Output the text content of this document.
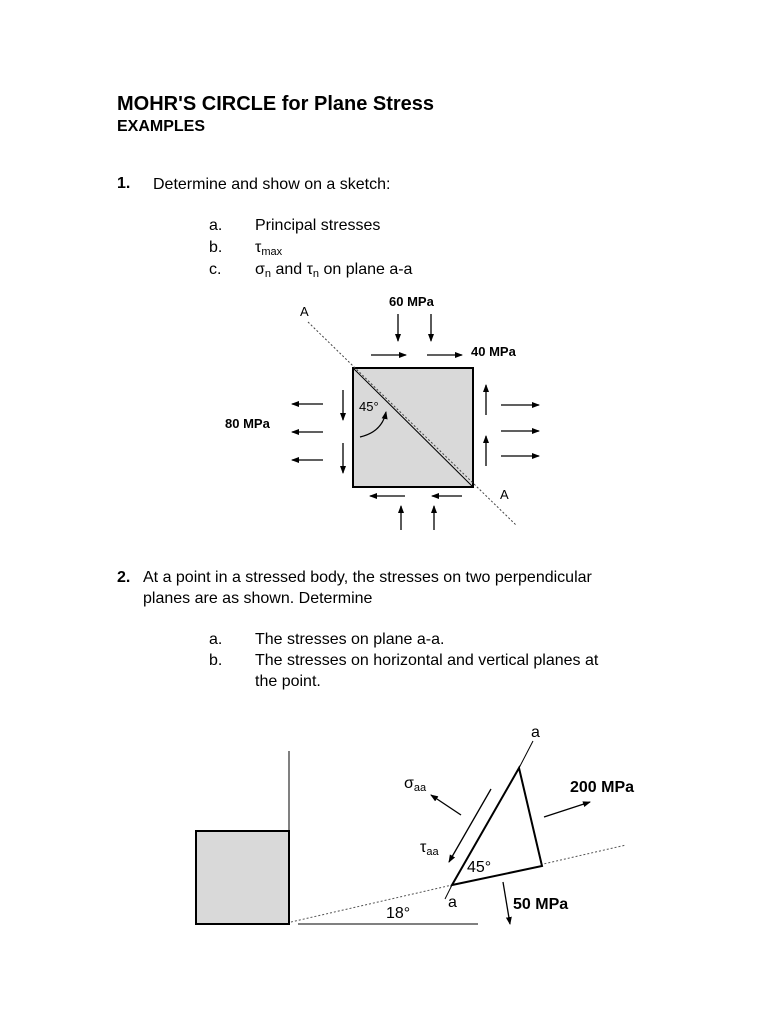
MOHR'S CIRCLE for Plane Stress
EXAMPLES
1. Determine and show on a sketch:
a. Principal stresses
b. τmax
c. σn and τn on plane a-a
60 MPa
40 MPa
80 MPa
A
A
45°
2. At a point in a stressed body, the stresses on two perpendicular
planes are as shown. Determine
a. The stresses on plane a-a.
b. The stresses on horizontal and vertical planes at
the point.
a
a
σaa
τaa
200 MPa
50 MPa
45°
18°
